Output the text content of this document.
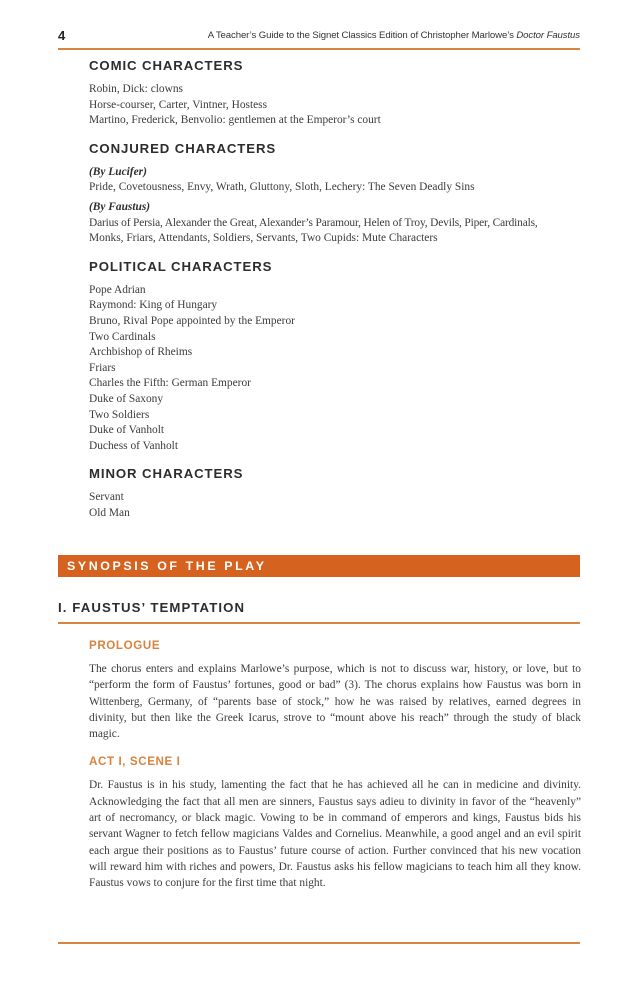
4	A Teacher’s Guide to the Signet Classics Edition of Christopher Marlowe’s Doctor Faustus
COMIC CHARACTERS
Robin, Dick: clowns
Horse-courser, Carter, Vintner, Hostess
Martino, Frederick, Benvolio: gentlemen at the Emperor’s court
CONJURED CHARACTERS
(By Lucifer)
Pride, Covetousness, Envy, Wrath, Gluttony, Sloth, Lechery: The Seven Deadly Sins
(By Faustus)
Darius of Persia, Alexander the Great, Alexander’s Paramour, Helen of Troy, Devils, Piper, Cardinals,
Monks, Friars, Attendants, Soldiers, Servants, Two Cupids: Mute Characters
POLITICAL CHARACTERS
Pope Adrian
Raymond: King of Hungary
Bruno, Rival Pope appointed by the Emperor
Two Cardinals
Archbishop of Rheims
Friars
Charles the Fifth: German Emperor
Duke of Saxony
Two Soldiers
Duke of Vanholt
Duchess of Vanholt
MINOR CHARACTERS
Servant
Old Man
SYNOPSIS OF THE PLAY
I. FAUSTUS’ TEMPTATION
PROLOGUE
The chorus enters and explains Marlowe’s purpose, which is not to discuss war, history, or love, but to “perform the form of Faustus’ fortunes, good or bad” (3). The chorus explains how Faustus was born in Wittenberg, Germany, of “parents base of stock,” how he was raised by relatives, earned degrees in divinity, but then like the Greek Icarus, strove to “mount above his reach” through the study of black magic.
ACT I, SCENE I
Dr. Faustus is in his study, lamenting the fact that he has achieved all he can in medicine and divinity. Acknowledging the fact that all men are sinners, Faustus says adieu to divinity in favor of the “heavenly” art of necromancy, or black magic. Vowing to be in command of emperors and kings, Faustus bids his servant Wagner to fetch fellow magicians Valdes and Cornelius. Meanwhile, a good angel and an evil spirit each argue their positions as to Faustus’ future course of action. Further convinced that his new vocation will reward him with riches and powers, Dr. Faustus asks his fellow magicians to teach him all they know. Faustus vows to conjure for the first time that night.
